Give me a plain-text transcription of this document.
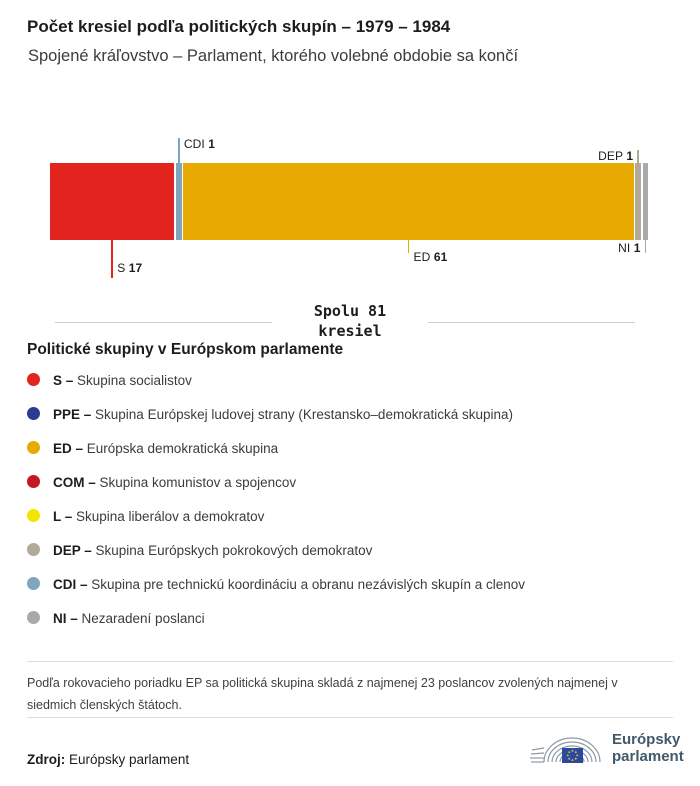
Počet kresiel podľa politických skupín – 1979 – 1984
Spojené kráľovstvo – Parlament, ktorého volebné obdobie sa končí
S 17
CDI 1
ED 61
DEP 1
NI 1
Spolu 81
kresiel
Politické skupiny v Európskom parlamente
S – Skupina socialistov
PPE – Skupina Európskej ludovej strany (Krestansko–demokratická skupina)
ED – Európska demokratická skupina
COM – Skupina komunistov a spojencov
L – Skupina liberálov a demokratov
DEP – Skupina Európskych pokrokových demokratov
CDI – Skupina pre technickú koordináciu a obranu nezávislých skupín a clenov
NI – Nezaradení poslanci

Podľa rokovacieho poriadku EP sa politická skupina skladá z najmenej 23 poslancov zvolených najmenej v siedmich členských štátoch.

Zdroj: Európsky parlament
Európsky
parlament
